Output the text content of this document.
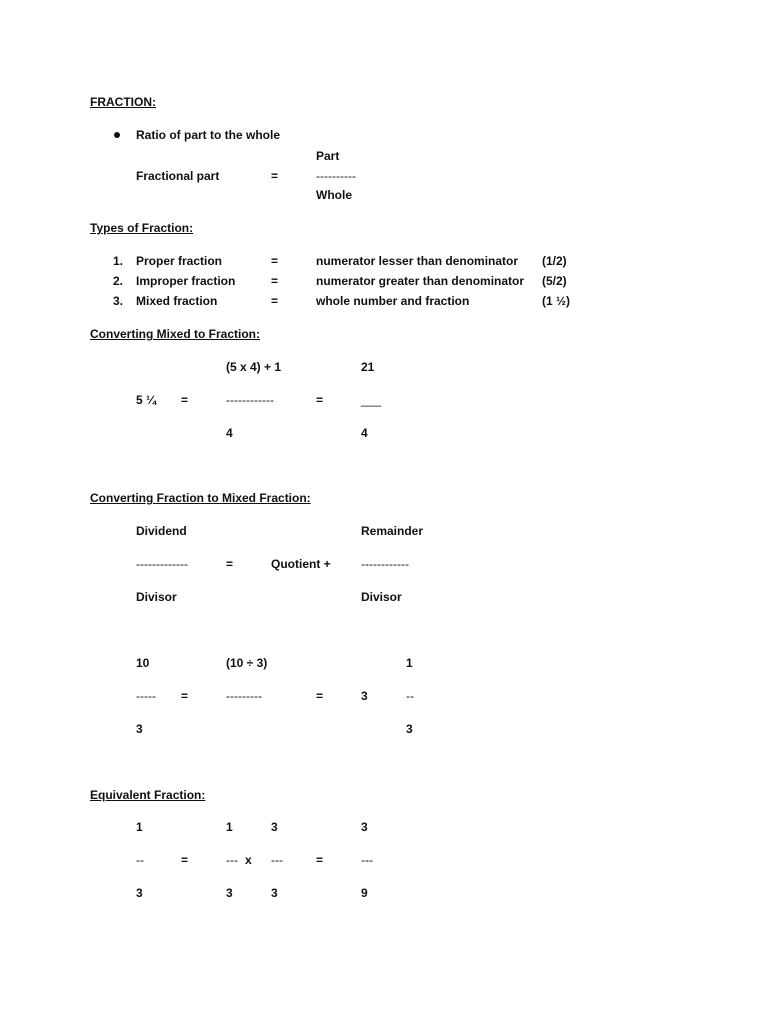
FRACTION:
Ratio of part to the whole
Part
Fractional part	=	----------
Whole
Types of Fraction:
1. Proper fraction	=	numerator lesser than denominator (1/2)
2. Improper fraction	=	numerator greater than denominator (5/2)
3. Mixed fraction	=	whole number and fraction	(1 ½)
Converting Mixed to Fraction:
(5 x 4) + 1	21
5 ¼ =	------------	=	___
4	4
Converting Fraction to Mixed Fraction:
Dividend	Remainder
-------------	=	Quotient +	------------
Divisor	Divisor
10	(10 ÷ 3)	1
----- =	---------	=	3	--
3	3
Equivalent Fraction:
1	1	3	3
--	=	--- x ---	=	---
3	3	3	9
